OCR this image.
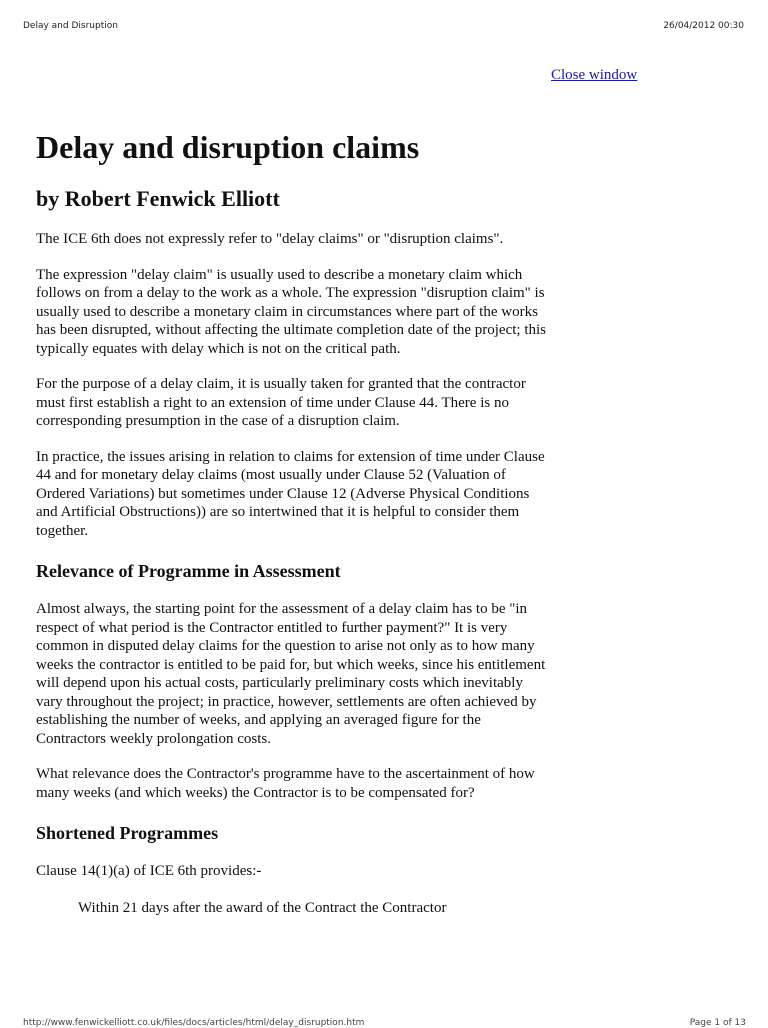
Delay and Disruption	26/04/2012 00:30
Close window
Delay and disruption claims
by Robert Fenwick Elliott

The ICE 6th does not expressly refer to "delay claims" or "disruption claims".

The expression "delay claim" is usually used to describe a monetary claim which follows on from a delay to the work as a whole. The expression "disruption claim" is usually used to describe a monetary claim in circumstances where part of the works has been disrupted, without affecting the ultimate completion date of the project; this typically equates with delay which is not on the critical path.

For the purpose of a delay claim, it is usually taken for granted that the contractor must first establish a right to an extension of time under Clause 44. There is no corresponding presumption in the case of a disruption claim.

In practice, the issues arising in relation to claims for extension of time under Clause 44 and for monetary delay claims (most usually under Clause 52 (Valuation of Ordered Variations) but sometimes under Clause 12 (Adverse Physical Conditions and Artificial Obstructions)) are so intertwined that it is helpful to consider them together.

Relevance of Programme in Assessment

Almost always, the starting point for the assessment of a delay claim has to be "in respect of what period is the Contractor entitled to further payment?" It is very common in disputed delay claims for the question to arise not only as to how many weeks the contractor is entitled to be paid for, but which weeks, since his entitlement will depend upon his actual costs, particularly preliminary costs which inevitably vary throughout the project; in practice, however, settlements are often achieved by establishing the number of weeks, and applying an averaged figure for the Contractors weekly prolongation costs.

What relevance does the Contractor's programme have to the ascertainment of how many weeks (and which weeks) the Contractor is to be compensated for?

Shortened Programmes

Clause 14(1)(a) of ICE 6th provides:-

Within 21 days after the award of the Contract the Contractor

http://www.fenwickelliott.co.uk/files/docs/articles/html/delay_disruption.htm	Page 1 of 13
